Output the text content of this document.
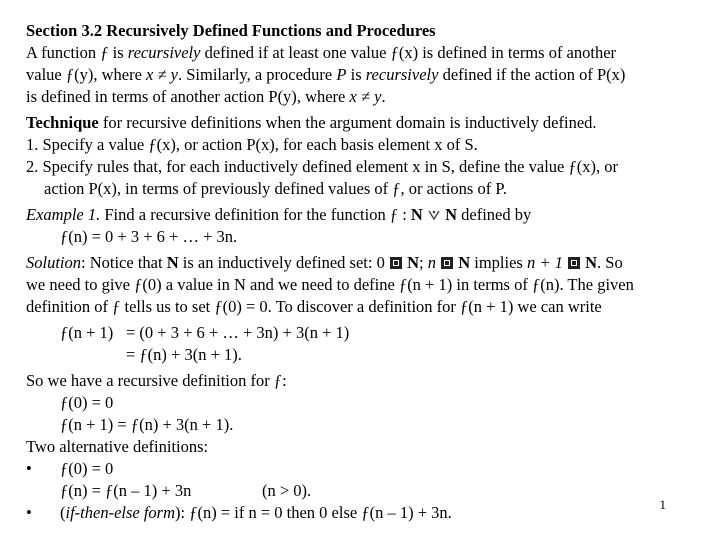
Section 3.2 Recursively Defined Functions and Procedures
A function ƒ is recursively defined if at least one value ƒ(x) is defined in terms of another
value ƒ(y), where x ≠ y. Similarly, a procedure P is recursively defined if the action of P(x)
is defined in terms of another action P(y), where x ≠ y.
Technique for recursive definitions when the argument domain is inductively defined.
1. Specify a value ƒ(x), or action P(x), for each basis element x of S.
2. Specify rules that, for each inductively defined element x in S, define the value ƒ(x), or
action P(x), in terms of previously defined values of ƒ, or actions of P.
Example 1. Find a recursive definition for the function ƒ : N N defined by
ƒ(n) = 0 + 3 + 6 + … + 3n.
Solution: Notice that N is an inductively defined set: 0  N; n N implies n + 1 N. So
we need to give ƒ(0) a value in N and we need to define ƒ(n + 1) in terms of ƒ(n). The given
definition of ƒ tells us to set ƒ(0) = 0. To discover a definition for ƒ(n + 1) we can write
ƒ(n + 1) = (0 + 3 + 6 + … + 3n) + 3(n + 1)
= ƒ(n) + 3(n + 1).
So we have a recursive definition for ƒ:
ƒ(0) = 0
ƒ(n + 1) = ƒ(n) + 3(n + 1).
Two alternative definitions:
•	ƒ(0) = 0
ƒ(n) = ƒ(n – 1) + 3n	(n > 0).
•	(if-then-else form): ƒ(n) = if n = 0 then 0 else ƒ(n – 1) + 3n.	1
